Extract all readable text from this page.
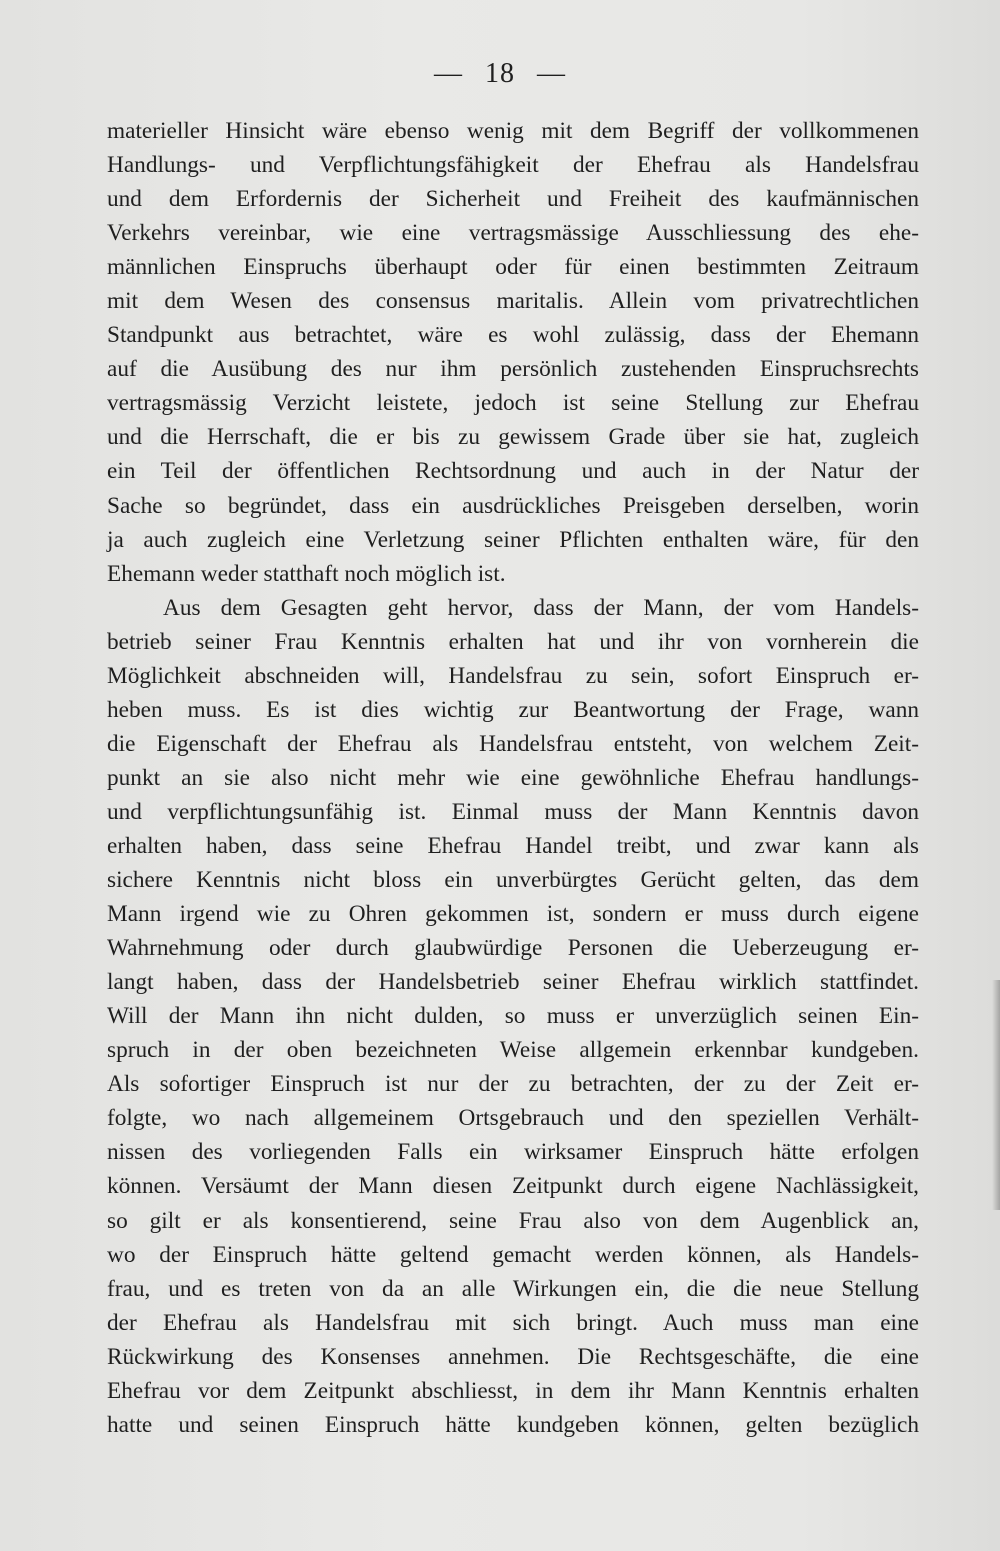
— 18 —
materieller Hinsicht wäre ebenso wenig mit dem Begriff der vollkommenen
Handlungs- und Verpflichtungsfähigkeit der Ehefrau als Handelsfrau
und dem Erfordernis der Sicherheit und Freiheit des kaufmännischen
Verkehrs vereinbar, wie eine vertragsmässige Ausschliessung des ehe-
männlichen Einspruchs überhaupt oder für einen bestimmten Zeitraum
mit dem Wesen des consensus maritalis. Allein vom privatrechtlichen
Standpunkt aus betrachtet, wäre es wohl zulässig, dass der Ehemann
auf die Ausübung des nur ihm persönlich zustehenden Einspruchsrechts
vertragsmässig Verzicht leistete, jedoch ist seine Stellung zur Ehefrau
und die Herrschaft, die er bis zu gewissem Grade über sie hat, zugleich
ein Teil der öffentlichen Rechtsordnung und auch in der Natur der
Sache so begründet, dass ein ausdrückliches Preisgeben derselben, worin
ja auch zugleich eine Verletzung seiner Pflichten enthalten wäre, für den
Ehemann weder statthaft noch möglich ist.
Aus dem Gesagten geht hervor, dass der Mann, der vom Handels-
betrieb seiner Frau Kenntnis erhalten hat und ihr von vornherein die
Möglichkeit abschneiden will, Handelsfrau zu sein, sofort Einspruch er-
heben muss. Es ist dies wichtig zur Beantwortung der Frage, wann
die Eigenschaft der Ehefrau als Handelsfrau entsteht, von welchem Zeit-
punkt an sie also nicht mehr wie eine gewöhnliche Ehefrau handlungs-
und verpflichtungsunfähig ist. Einmal muss der Mann Kenntnis davon
erhalten haben, dass seine Ehefrau Handel treibt, und zwar kann als
sichere Kenntnis nicht bloss ein unverbürgtes Gerücht gelten, das dem
Mann irgend wie zu Ohren gekommen ist, sondern er muss durch eigene
Wahrnehmung oder durch glaubwürdige Personen die Ueberzeugung er-
langt haben, dass der Handelsbetrieb seiner Ehefrau wirklich stattfindet.
Will der Mann ihn nicht dulden, so muss er unverzüglich seinen Ein-
spruch in der oben bezeichneten Weise allgemein erkennbar kundgeben.
Als sofortiger Einspruch ist nur der zu betrachten, der zu der Zeit er-
folgte, wo nach allgemeinem Ortsgebrauch und den speziellen Verhält-
nissen des vorliegenden Falls ein wirksamer Einspruch hätte erfolgen
können. Versäumt der Mann diesen Zeitpunkt durch eigene Nachlässigkeit,
so gilt er als konsentierend, seine Frau also von dem Augenblick an,
wo der Einspruch hätte geltend gemacht werden können, als Handels-
frau, und es treten von da an alle Wirkungen ein, die die neue Stellung
der Ehefrau als Handelsfrau mit sich bringt. Auch muss man eine
Rückwirkung des Konsenses annehmen. Die Rechtsgeschäfte, die eine
Ehefrau vor dem Zeitpunkt abschliesst, in dem ihr Mann Kenntnis erhalten
hatte und seinen Einspruch hätte kundgeben können, gelten bezüglich
